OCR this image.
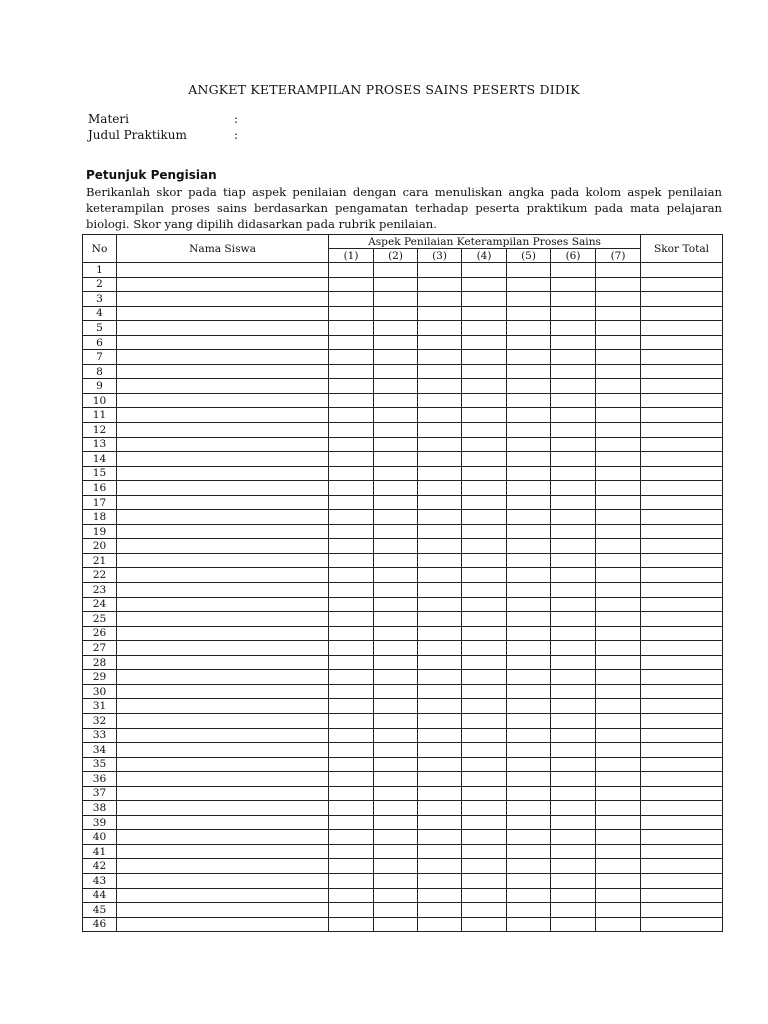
ANGKET KETERAMPILAN PROSES SAINS PESERTS DIDIK
Materi	:
Judul Praktikum	:
Petunjuk Pengisian
Berikanlah skor pada tiap aspek penilaian dengan cara menuliskan angka pada kolom aspek penilaian keterampilan proses sains berdasarkan pengamatan terhadap peserta praktikum pada mata pelajaran biologi. Skor yang dipilih didasarkan pada rubrik penilaian.
No	Nama Siswa	Aspek Penilaian Keterampilan Proses Sains							Skor Total
		(1)	(2)	(3)	(4)	(5)	(6)	(7)	
1									
2									
3									
4									
5									
6									
7									
8									
9									
10									
11									
12									
13									
14									
15									
16									
17									
18									
19									
20									
21									
22									
23									
24									
25									
26									
27									
28									
29									
30									
31									
32									
33									
34									
35									
36									
37									
38									
39									
40									
41									
42									
43									
44									
45									
46									
